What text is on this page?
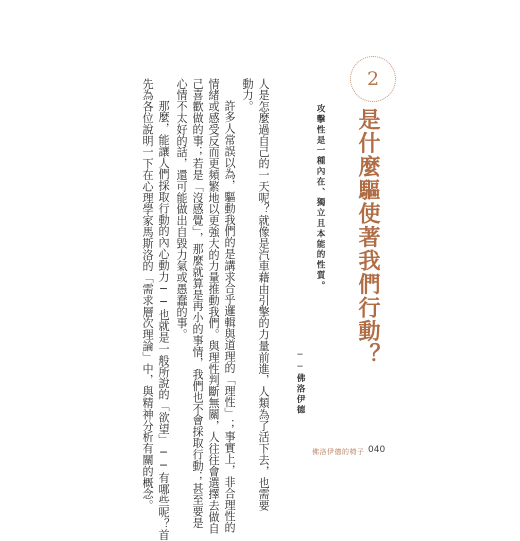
2
是什麼驅使著我們行動？
攻擊性是一種內在、獨立且本能的性質。
──佛洛伊德
人是怎麼過自己的一天呢？就像是汽車藉由引擎的力量前進，人類為了活下去，也需要
動力。
許多人常誤以為，驅動我們的是講求合乎邏輯與道理的「理性」；事實上，非合理性的
情緒或感受反而更頻繁地以更強大的力量推動我們。與理性判斷無關，人往往會選擇去做自
己喜歡做的事；若是「沒感覺」，那麼就算是再小的事情，我們也不會採取行動；甚至要是
心情不太好的話，還可能做出自毀力氣或愚蠢的事。
那麼，能讓人們採取行動的內心動力──也就是一般所說的「欲望」──有哪些呢？首
先為各位說明一下在心理學家馬斯洛的「需求層次理論」中，與精神分析有關的概念。	佛洛伊德的椅子 040
